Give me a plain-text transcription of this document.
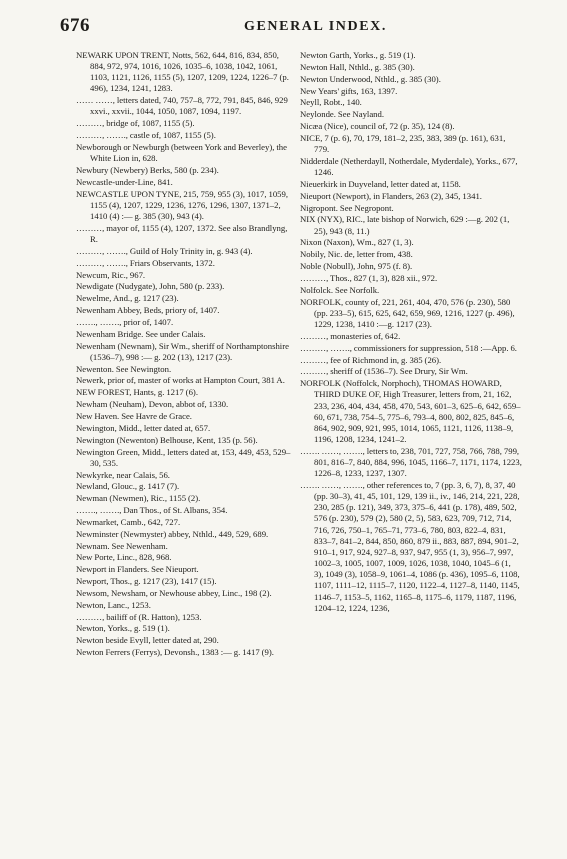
676	GENERAL INDEX.
NEWARK UPON TRENT, Notts, 562, 644, 816, 834, 850, 884, 972, 974, 1016, 1026, 1035–6, 1038, 1042, 1061, 1103, 1121, 1126, 1155 (5), 1207, 1209, 1224, 1226–7 (p. 496), 1234, 1241, 1283.
…… ……, letters dated, 740, 757–8, 772, 791, 845, 846, 929 xxvi., xxvii., 1044, 1050, 1087, 1094, 1197.
………, bridge of, 1087, 1155 (5).
………, ……., castle of, 1087, 1155 (5).
Newborough or Newburgh (between York and Beverley), the White Lion in, 628.
Newbury (Newbery) Berks, 580 (p. 234).
Newcastle-under-Line, 841.
NEWCASTLE UPON TYNE, 215, 759, 955 (3), 1017, 1059, 1155 (4), 1207, 1229, 1236, 1276, 1296, 1307, 1371–2, 1410 (4) :— g. 385 (30), 943 (4).
………, mayor of, 1155 (4), 1207, 1372. See also Brandlyng, R.
………, ……., Guild of Holy Trinity in, g. 943 (4).
………, ……., Friars Observants, 1372.
Newcum, Ric., 967.
Newdigate (Nudygate), John, 580 (p. 233).
Newelme, And., g. 1217 (23).
Newenham Abbey, Beds, priory of, 1407.
……., ……., prior of, 1407.
Newenham Bridge. See under Calais.
Newenham (Newnam), Sir Wm., sheriff of Northamptonshire (1536–7), 998 :— g. 202 (13), 1217 (23).
Newenton. See Newington.
Newerk, prior of, master of works at Hampton Court, 381 A.
NEW FOREST, Hants, g. 1217 (6).
Newham (Neuham), Devon, abbot of, 1330.
New Haven. See Havre de Grace.
Newington, Midd., letter dated at, 657.
Newington (Newenton) Belhouse, Kent, 135 (p. 56).
Newington Green, Midd., letters dated at, 153, 449, 453, 529–30, 535.
Newkyrke, near Calais, 56.
Newland, Glouc., g. 1417 (7).
Newman (Newmen), Ric., 1155 (2).
……., ……., Dan Thos., of St. Albans, 354.
Newmarket, Camb., 642, 727.
Newminster (Newmyster) abbey, Nthld., 449, 529, 689.
Newnam. See Newenham.
New Porte, Linc., 828, 968.
Newport in Flanders. See Nieuport.
Newport, Thos., g. 1217 (23), 1417 (15).
Newsom, Newsham, or Newhouse abbey, Linc., 198 (2).
Newton, Lanc., 1253.
………, bailiff of (R. Hatton), 1253.
Newton, Yorks., g. 519 (1).
Newton beside Evyll, letter dated at, 290.
Newton Ferrers (Ferrys), Devonsh., 1383 :— g. 1417 (9).
Newton Garth, Yorks., g. 519 (1).
Newton Hall, Nthld., g. 385 (30).
Newton Underwood, Nthld., g. 385 (30).
New Years' gifts, 163, 1397.
Neyll, Robt., 140.
Neylonde. See Nayland.
Nicæa (Nice), council of, 72 (p. 35), 124 (8).
NICE, 7 (p. 6), 70, 179, 181–2, 235, 383, 389 (p. 161), 631, 779.
Nidderdale (Netherdayll, Notherdale, Myderdale), Yorks., 677, 1246.
Nieuerkirk in Duyveland, letter dated at, 1158.
Nieuport (Newport), in Flanders, 263 (2), 345, 1341.
Nigropont. See Negropont.
NIX (NYX), RIC., late bishop of Norwich, 629 :—g. 202 (1, 25), 943 (8, 11.)
Nixon (Naxon), Wm., 827 (1, 3).
Nobily, Nic. de, letter from, 438.
Noble (Nobull), John, 975 (f. 8).
………, Thos., 827 (1, 3), 828 xii., 972.
Nolfolck. See Norfolk.
NORFOLK, county of, 221, 261, 404, 470, 576 (p. 230), 580 (pp. 233–5), 615, 625, 642, 659, 969, 1216, 1227 (p. 496), 1229, 1238, 1410 :—g. 1217 (23).
………, monasteries of, 642.
………, ……., commissioners for suppression, 518 :—App. 6.
………, fee of Richmond in, g. 385 (26).
………, sheriff of (1536–7). See Drury, Sir Wm.
NORFOLK (Noffolck, Norphoch), THOMAS HOWARD, THIRD DUKE OF, High Treasurer, letters from, 21, 162, 233, 236, 404, 434, 458, 470, 543, 601–3, 625–6, 642, 659–60, 671, 738, 754–5, 775–6, 793–4, 800, 802, 825, 845–6, 864, 902, 909, 921, 995, 1014, 1065, 1121, 1126, 1138–9, 1196, 1208, 1234, 1241–2.
……. ……, ……., letters to, 238, 701, 727, 758, 766, 788, 799, 801, 816–7, 840, 884, 996, 1045, 1166–7, 1171, 1174, 1223, 1226–8, 1233, 1237, 1307.
……. ……, ……., other references to, 7 (pp. 3, 6, 7), 8, 37, 40 (pp. 30–3), 41, 45, 101, 129, 139 ii., iv., 146, 214, 221, 228, 230, 285 (p. 121), 349, 373, 375–6, 441 (p. 178), 489, 502, 576 (p. 230), 579 (2), 580 (2, 5), 583, 623, 709, 712, 714, 716, 726, 750–1, 765–71, 773–6, 780, 803, 822–4, 831, 833–7, 841–2, 844, 850, 860, 879 ii., 883, 887, 894, 901–2, 910–1, 917, 924, 927–8, 937, 947, 955 (1, 3), 956–7, 997, 1002–3, 1005, 1007, 1009, 1026, 1038, 1040, 1045–6 (1, 3), 1049 (3), 1058–9, 1061–4, 1086 (p. 436), 1095–6, 1108, 1107, 1111–12, 1115–7, 1120, 1122–4, 1127–8, 1140, 1145, 1146–7, 1153–5, 1162, 1165–8, 1175–6, 1179, 1187, 1196, 1204–12, 1224, 1236,
